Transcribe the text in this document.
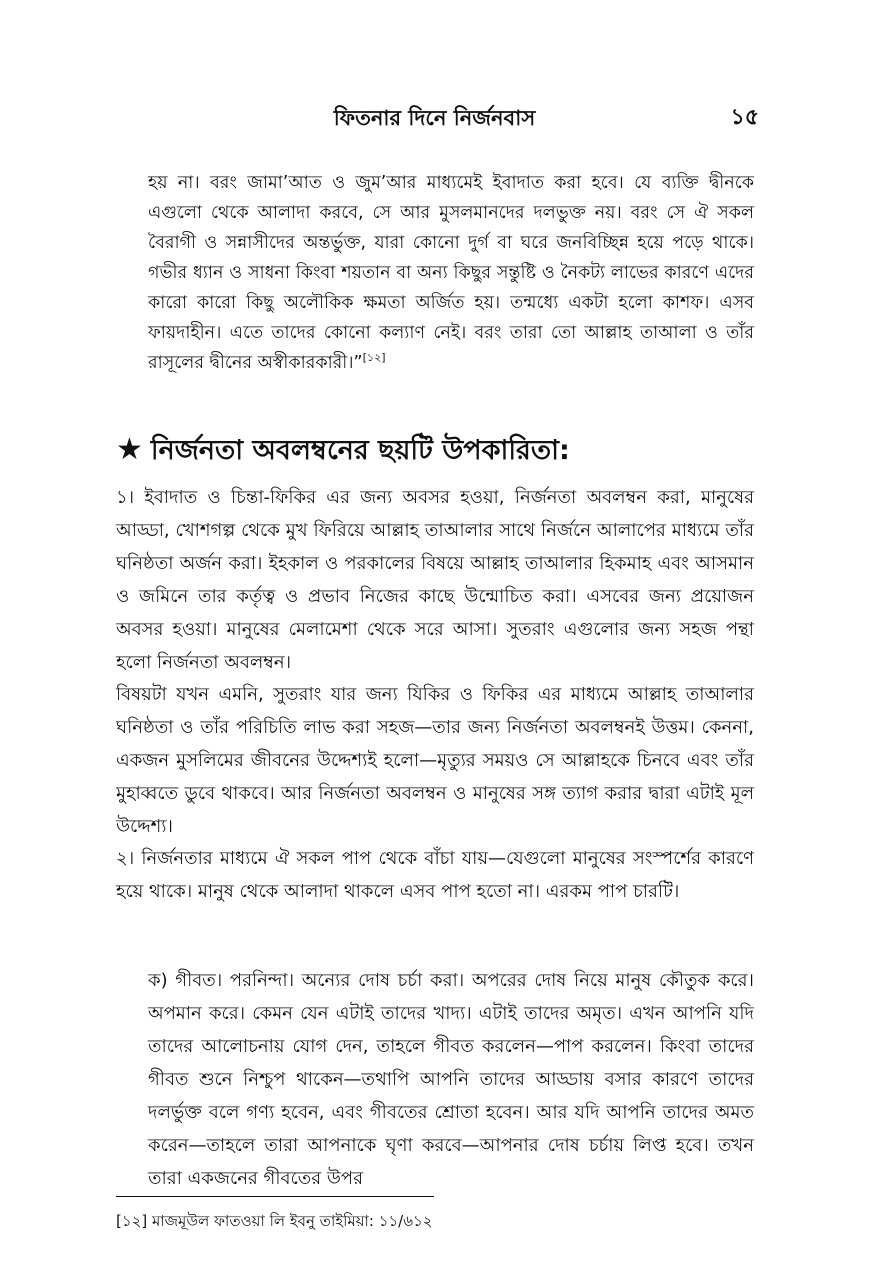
ফিতনার দিনে নির্জনবাস	১৫
হয় না। বরং জামা’আত ও জুম’আর মাধ্যমেই ইবাদাত করা হবে। যে ব্যক্তি দ্বীনকে এগুলো থেকে আলাদা করবে, সে আর মুসলমানদের দলভুক্ত নয়। বরং সে ঐ সকল বৈরাগী ও সন্নাসীদের অন্তর্ভুক্ত, যারা কোনো দুর্গ বা ঘরে জনবিচ্ছিন্ন হয়ে পড়ে থাকে। গভীর ধ্যান ও সাধনা কিংবা শয়তান বা অন্য কিছুর সন্তুষ্টি ও নৈকট্য লাভের কারণে এদের কারো কারো কিছু অলৌকিক ক্ষমতা অর্জিত হয়। তন্মধ্যে একটা হলো কাশফ। এসব ফায়দাহীন। এতে তাদের কোনো কল্যাণ নেই। বরং তারা তো আল্লাহ তাআলা ও তাঁর রাসূলের দ্বীনের অস্বীকারকারী।”[১২]
★ নির্জনতা অবলম্বনের ছয়টি উপকারিতা:
১। ইবাদাত ও চিন্তা-ফিকির এর জন্য অবসর হওয়া, নির্জনতা অবলম্বন করা, মানুষের আড্ডা, খোশগল্প থেকে মুখ ফিরিয়ে আল্লাহ তাআলার সাথে নির্জনে আলাপের মাধ্যমে তাঁর ঘনিষ্ঠতা অর্জন করা। ইহকাল ও পরকালের বিষয়ে আল্লাহ তাআলার হিকমাহ এবং আসমান ও জমিনে তার কর্তৃত্ব ও প্রভাব নিজের কাছে উন্মোচিত করা। এসবের জন্য প্রয়োজন অবসর হওয়া। মানুষের মেলামেশা থেকে সরে আসা। সুতরাং এগুলোর জন্য সহজ পন্থা হলো নির্জনতা অবলম্বন।
বিষয়টা যখন এমনি, সুতরাং যার জন্য যিকির ও ফিকির এর মাধ্যমে আল্লাহ তাআলার ঘনিষ্ঠতা ও তাঁর পরিচিতি লাভ করা সহজ—তার জন্য নির্জনতা অবলম্বনই উত্তম। কেননা, একজন মুসলিমের জীবনের উদ্দেশ্যই হলো—মৃত্যুর সময়ও সে আল্লাহকে চিনবে এবং তাঁর মুহাব্বতে ডুবে থাকবে। আর নির্জনতা অবলম্বন ও মানুষের সঙ্গ ত্যাগ করার দ্বারা এটাই মূল উদ্দেশ্য।
২। নির্জনতার মাধ্যমে ঐ সকল পাপ থেকে বাঁচা যায়—যেগুলো মানুষের সংস্পর্শের কারণে হয়ে থাকে। মানুষ থেকে আলাদা থাকলে এসব পাপ হতো না। এরকম পাপ চারটি।
ক) গীবত। পরনিন্দা। অন্যের দোষ চর্চা করা। অপরের দোষ নিয়ে মানুষ কৌতুক করে। অপমান করে। কেমন যেন এটাই তাদের খাদ্য। এটাই তাদের অমৃত। এখন আপনি যদি তাদের আলোচনায় যোগ দেন, তাহলে গীবত করলেন—পাপ করলেন। কিংবা তাদের গীবত শুনে নিশ্চুপ থাকেন—তথাপি আপনি তাদের আড্ডায় বসার কারণে তাদের দলর্ভুক্ত বলে গণ্য হবেন, এবং গীবতের শ্রোতা হবেন। আর যদি আপনি তাদের অমত করেন—তাহলে তারা আপনাকে ঘৃণা করবে—আপনার দোষ চর্চায় লিপ্ত হবে। তখন তারা একজনের গীবতের উপর
[১২] মাজমূউল ফাতওয়া লি ইবনু তাইমিয়া: ১১/৬১২
